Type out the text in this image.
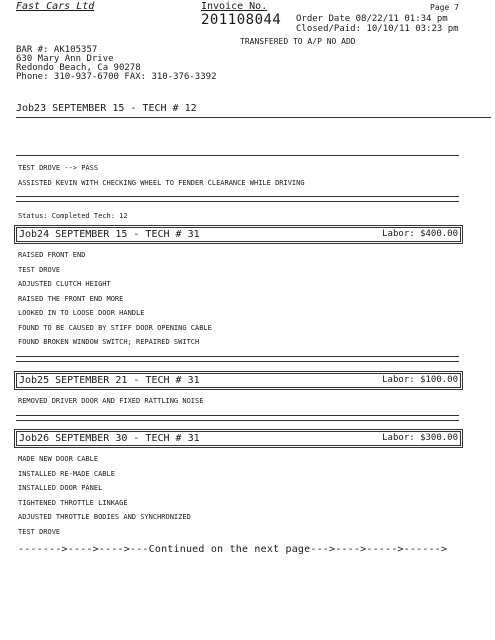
Fast Cars Ltd	Invoice No.
201108044
Page 7
Order Date 08/22/11 01:34 pm
Closed/Paid: 10/10/11 03:23 pm
TRANSFERED TO A/P NO ADD
BAR #: AK105357
630 Mary Ann Drive
Redondo Beach, Ca 90278
Phone: 310-937-6700 FAX: 310-376-3392
Job23 SEPTEMBER 15 - TECH # 12
TEST DROVE --> PASS
ASSISTED KEVIN WITH CHECKING WHEEL TO FENDER CLEARANCE WHILE DRIVING
Status: Completed Tech: 12
Job24 SEPTEMBER 15 - TECH # 31	Labor: $400.00
RAISED FRONT END
TEST DROVE
ADJUSTED CLUTCH HEIGHT
RAISED THE FRONT END MORE
LOOKED IN TO LOOSE DOOR HANDLE
FOUND TO BE CAUSED BY STIFF DOOR OPENING CABLE
FOUND BROKEN WINDOW SWITCH; REPAIRED SWITCH
Job25 SEPTEMBER 21 - TECH # 31	Labor: $100.00
REMOVED DRIVER DOOR AND FIXED RATTLING NOISE
Job26 SEPTEMBER 30 - TECH # 31	Labor: $300.00
MADE NEW DOOR CABLE
INSTALLED RE-MADE CABLE
INSTALLED DOOR PANEL
TIGHTENED THROTTLE LINKAGE
ADJUSTED THROTTLE BODIES AND SYNCHRONIZED
TEST DROVE
------->---->---->---Continued on the next page--->---->----->------>
